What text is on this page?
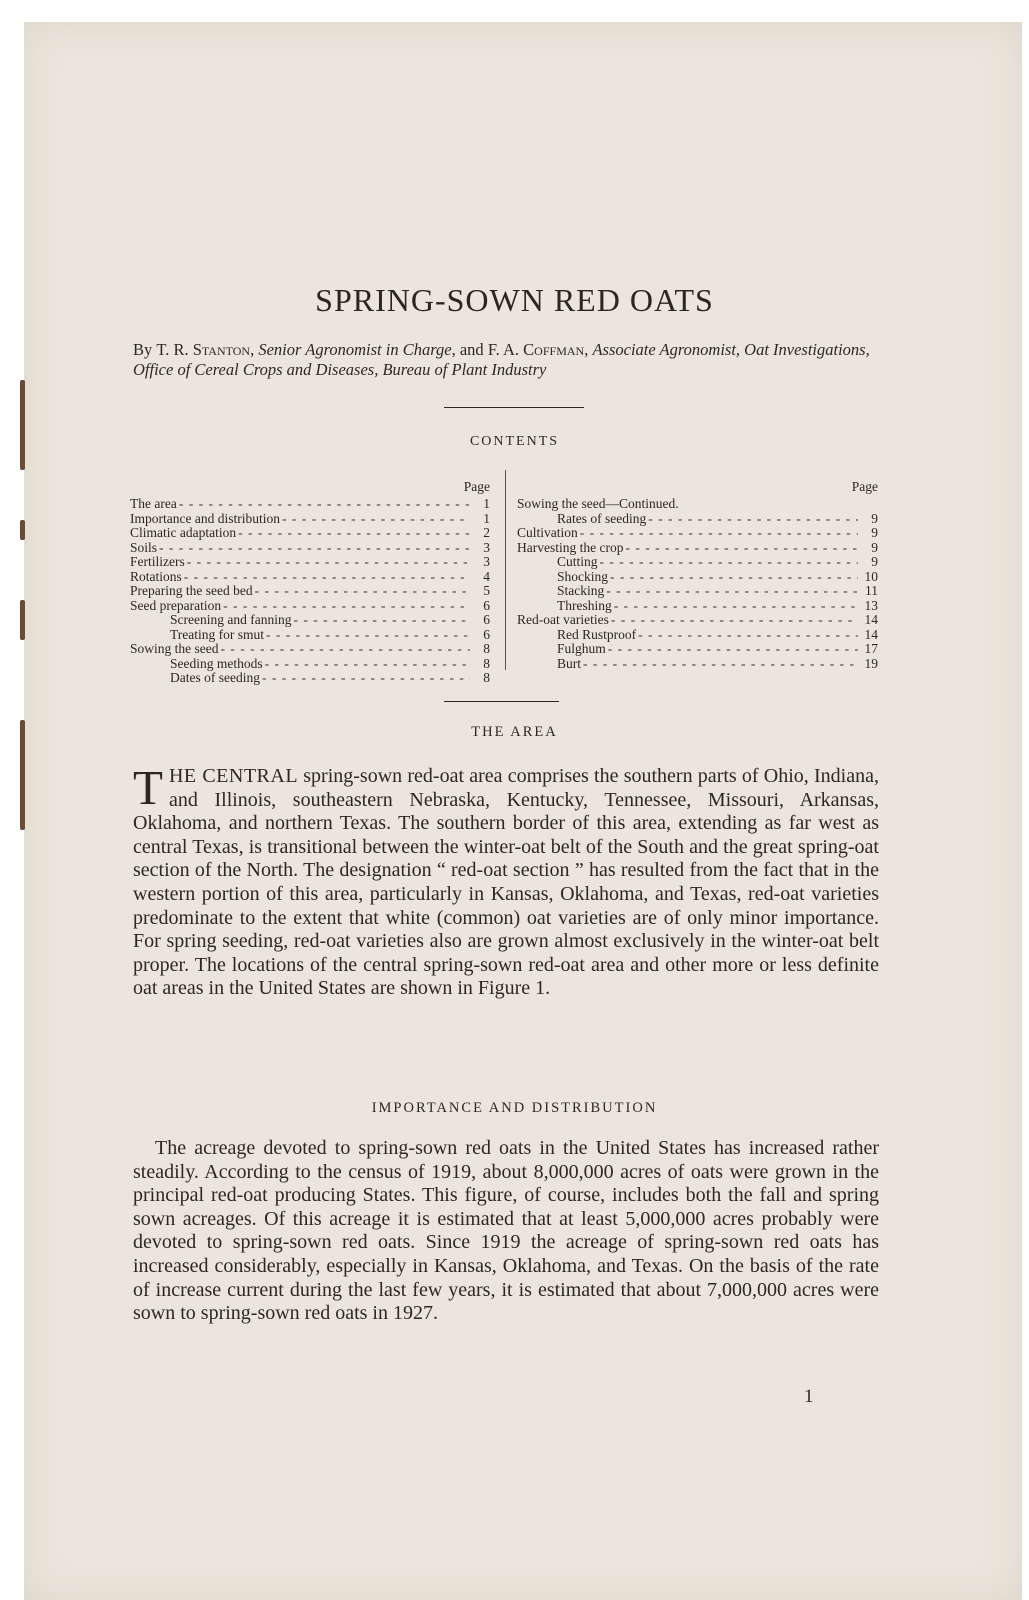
SPRING-SOWN RED OATS
By T. R. Stanton, Senior Agronomist in Charge, and F. A. Coffman, Associate Agronomist, Oat Investigations, Office of Cereal Crops and Diseases, Bureau of Plant Industry
CONTENTS
Page
The area - - -	1
Importance and distribution - - -	1
Climatic adaptation - - -	2
Soils - - -	3
Fertilizers - - -	3
Rotations - - -	4
Preparing the seed bed - - -	5
Seed preparation - - -	6
Screening and fanning - - -	6
Treating for smut - - -	6
Sowing the seed - - -	8
Seeding methods - - -	8
Dates of seeding - - -	8
Page
Sowing the seed—Continued.
Rates of seeding - - -	9
Cultivation - - -	9
Harvesting the crop - - -	9
Cutting - - -	9
Shocking - - -	10
Stacking - - -	11
Threshing - - -	13
Red-oat varieties - - -	14
Red Rustproof - - -	14
Fulghum - - -	17
Burt - - -	19
THE AREA
THE CENTRAL spring-sown red-oat area comprises the southern parts of Ohio, Indiana, and Illinois, southeastern Nebraska, Kentucky, Tennessee, Missouri, Arkansas, Oklahoma, and northern Texas. The southern border of this area, extending as far west as central Texas, is transitional between the winter-oat belt of the South and the great spring-oat section of the North. The designation “ red-oat section ” has resulted from the fact that in the western portion of this area, particularly in Kansas, Oklahoma, and Texas, red-oat varieties predominate to the extent that white (common) oat varieties are of only minor importance. For spring seeding, red-oat varieties also are grown almost exclusively in the winter-oat belt proper. The locations of the central spring-sown red-oat area and other more or less definite oat areas in the United States are shown in Figure 1.
IMPORTANCE AND DISTRIBUTION
The acreage devoted to spring-sown red oats in the United States has increased rather steadily. According to the census of 1919, about 8,000,000 acres of oats were grown in the principal red-oat producing States. This figure, of course, includes both the fall and spring sown acreages. Of this acreage it is estimated that at least 5,000,000 acres probably were devoted to spring-sown red oats. Since 1919 the acreage of spring-sown red oats has increased considerably, especially in Kansas, Oklahoma, and Texas. On the basis of the rate of increase current during the last few years, it is estimated that about 7,000,000 acres were sown to spring-sown red oats in 1927.
1
